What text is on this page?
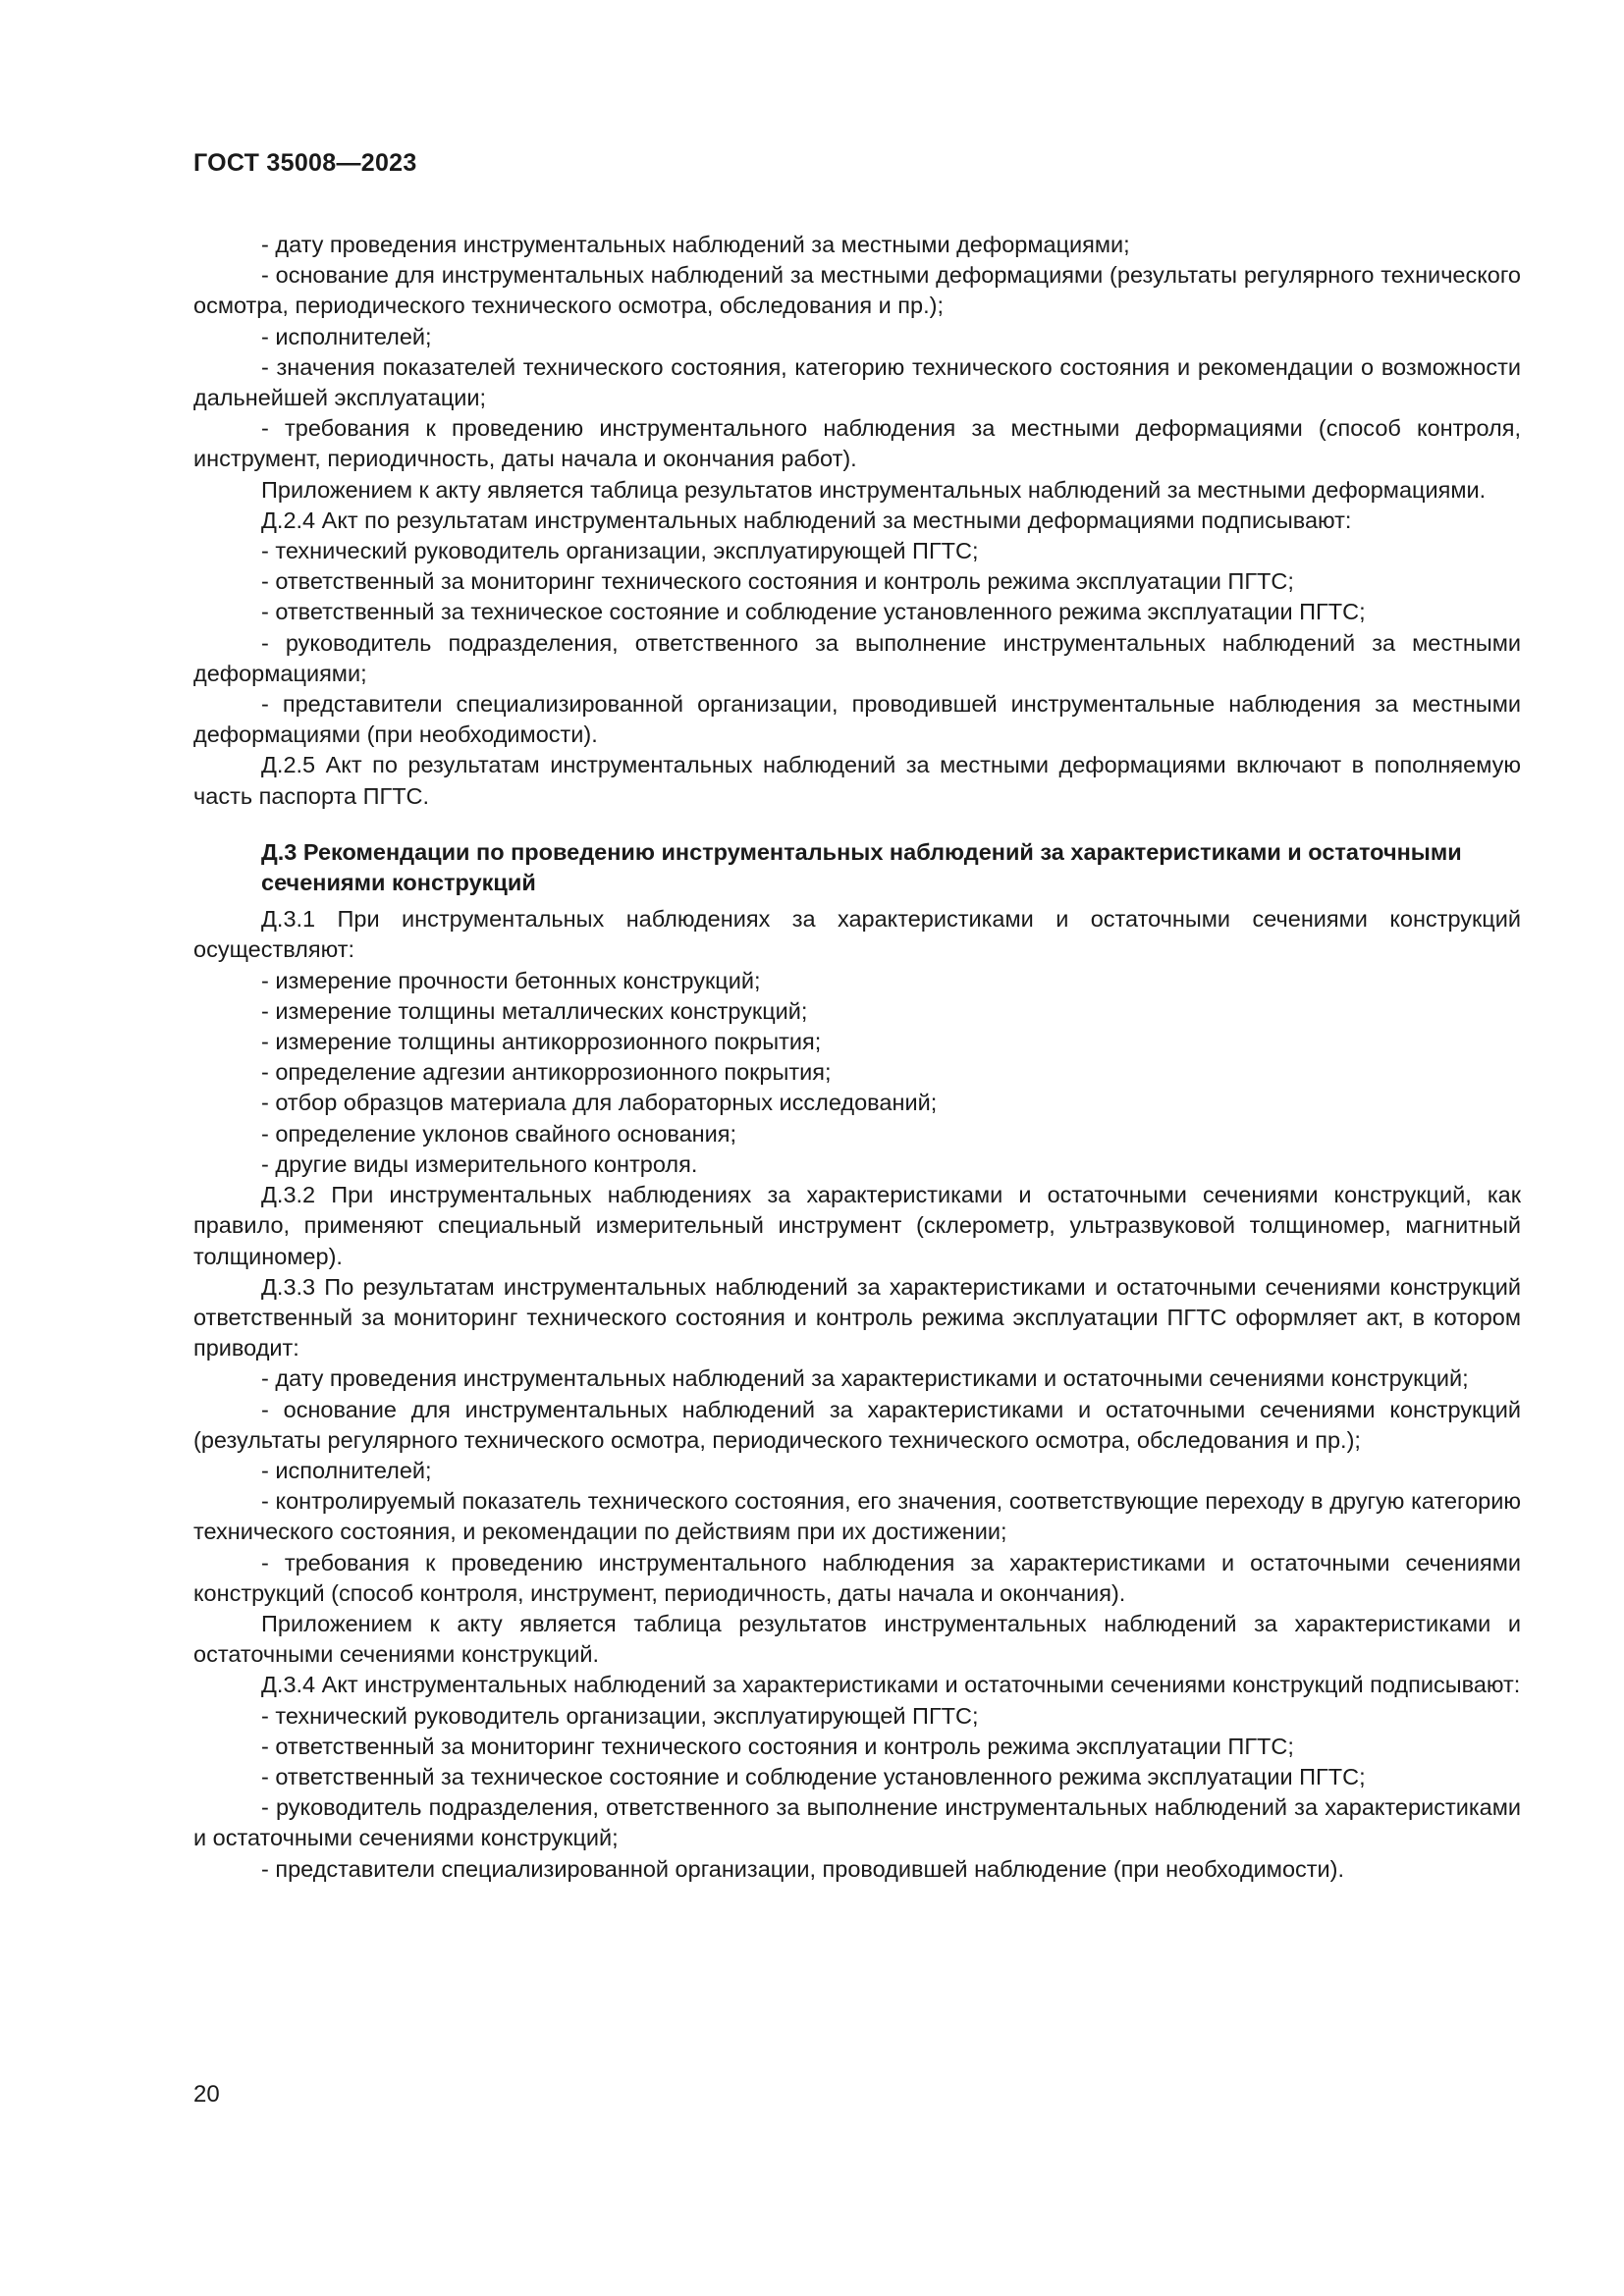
ГОСТ 35008—2023

- дату проведения инструментальных наблюдений за местными деформациями;

- основание для инструментальных наблюдений за местными деформациями (результаты регулярного технического осмотра, периодического технического осмотра, обследования и пр.);

- исполнителей;

- значения показателей технического состояния, категорию технического состояния и рекомендации о возможности дальнейшей эксплуатации;

- требования к проведению инструментального наблюдения за местными деформациями (способ контроля, инструмент, периодичность, даты начала и окончания работ).

Приложением к акту является таблица результатов инструментальных наблюдений за местными деформациями.

Д.2.4 Акт по результатам инструментальных наблюдений за местными деформациями подписывают:

- технический руководитель организации, эксплуатирующей ПГТС;

- ответственный за мониторинг технического состояния и контроль режима эксплуатации ПГТС;

- ответственный за техническое состояние и соблюдение установленного режима эксплуатации ПГТС;

- руководитель подразделения, ответственного за выполнение инструментальных наблюдений за местными деформациями;

- представители специализированной организации, проводившей инструментальные наблюдения за местными деформациями (при необходимости).

Д.2.5 Акт по результатам инструментальных наблюдений за местными деформациями включают в пополняемую часть паспорта ПГТС.

Д.3 Рекомендации по проведению инструментальных наблюдений за характеристиками и остаточными сечениями конструкций

Д.3.1 При инструментальных наблюдениях за характеристиками и остаточными сечениями конструкций осуществляют:

- измерение прочности бетонных конструкций;

- измерение толщины металлических конструкций;

- измерение толщины антикоррозионного покрытия;

- определение адгезии антикоррозионного покрытия;

- отбор образцов материала для лабораторных исследований;

- определение уклонов свайного основания;

- другие виды измерительного контроля.

Д.3.2 При инструментальных наблюдениях за характеристиками и остаточными сечениями конструкций, как правило, применяют специальный измерительный инструмент (склерометр, ультразвуковой толщиномер, магнитный толщиномер).

Д.3.3 По результатам инструментальных наблюдений за характеристиками и остаточными сечениями конструкций ответственный за мониторинг технического состояния и контроль режима эксплуатации ПГТС оформляет акт, в котором приводит:

- дату проведения инструментальных наблюдений за характеристиками и остаточными сечениями конструкций;

- основание для инструментальных наблюдений за характеристиками и остаточными сечениями конструкций (результаты регулярного технического осмотра, периодического технического осмотра, обследования и пр.);

- исполнителей;

- контролируемый показатель технического состояния, его значения, соответствующие переходу в другую категорию технического состояния, и рекомендации по действиям при их достижении;

- требования к проведению инструментального наблюдения за характеристиками и остаточными сечениями конструкций (способ контроля, инструмент, периодичность, даты начала и окончания).

Приложением к акту является таблица результатов инструментальных наблюдений за характеристиками и остаточными сечениями конструкций.

Д.3.4 Акт инструментальных наблюдений за характеристиками и остаточными сечениями конструкций подписывают:

- технический руководитель организации, эксплуатирующей ПГТС;

- ответственный за мониторинг технического состояния и контроль режима эксплуатации ПГТС;

- ответственный за техническое состояние и соблюдение установленного режима эксплуатации ПГТС;

- руководитель подразделения, ответственного за выполнение инструментальных наблюдений за характеристиками и остаточными сечениями конструкций;

- представители специализированной организации, проводившей наблюдение (при необходимости).

20
